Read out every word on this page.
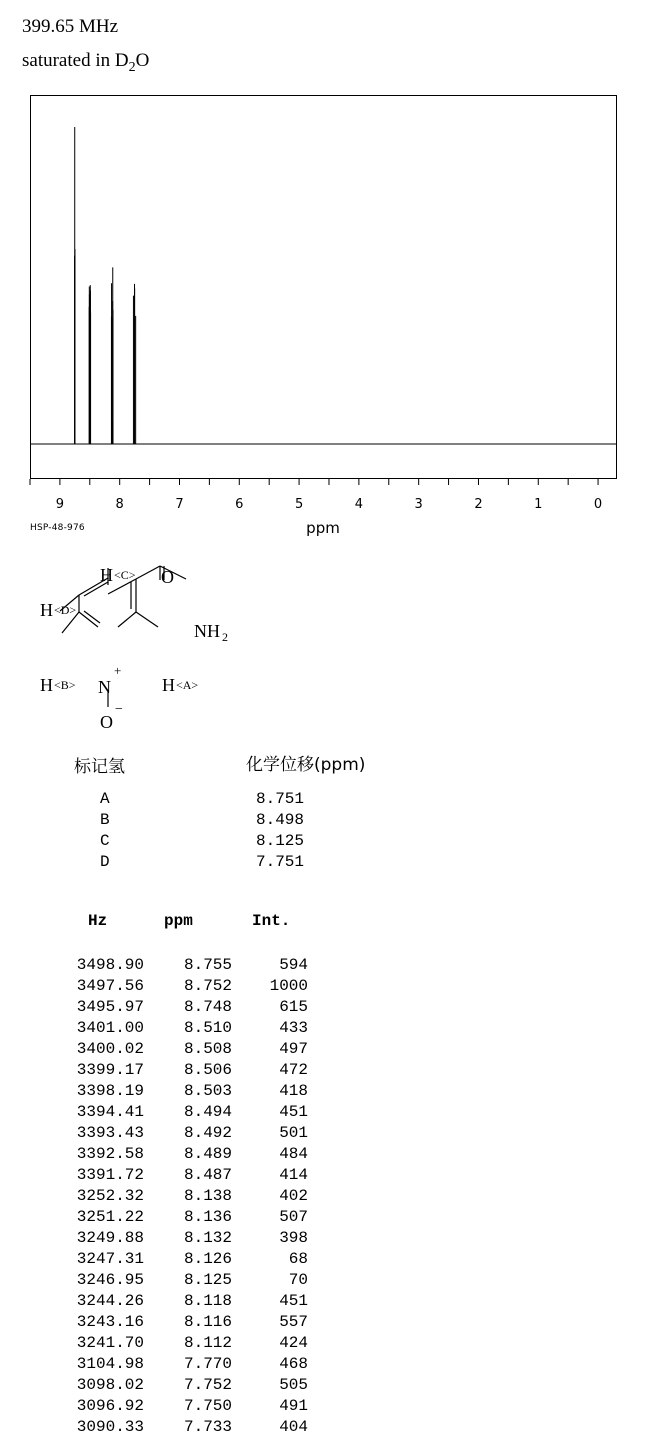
399.65 MHz
saturated in $D_2O$
9	8	7	6	5	4	3	2	1	0
ppm
HSP-48-976
H <C> O
H <D>
NH 2
H <B> N
+
H <A>
O
−
标记氢	化学位移(ppm)
A	8.751
B	8.498
C	8.125
D	7.751
Hz	ppm	Int.
3498.90	8.755	594
3497.56	8.752	1000
3495.97	8.748	615
3401.00	8.510	433
3400.02	8.508	497
3399.17	8.506	472
3398.19	8.503	418
3394.41	8.494	451
3393.43	8.492	501
3392.58	8.489	484
3391.72	8.487	414
3252.32	8.138	402
3251.22	8.136	507
3249.88	8.132	398
3247.31	8.126	68
3246.95	8.125	70
3244.26	8.118	451
3243.16	8.116	557
3241.70	8.112	424
3104.98	7.770	468
3098.02	7.752	505
3096.92	7.750	491
3090.33	7.733	404
